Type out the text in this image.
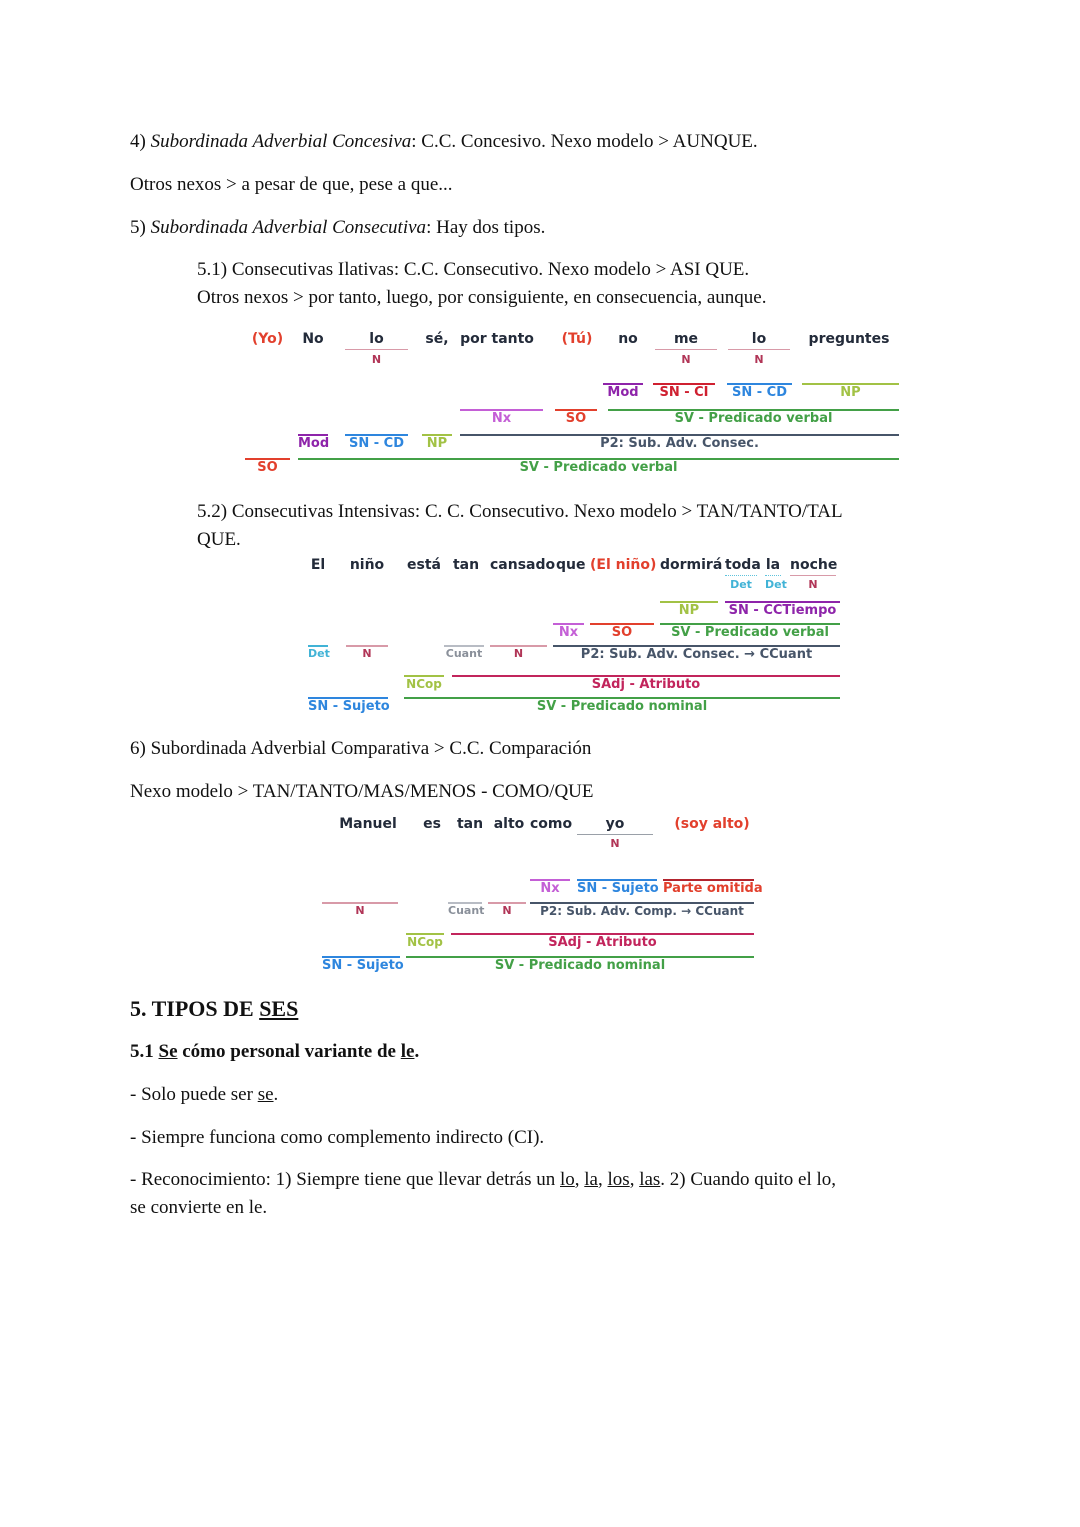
4) Subordinada Adverbial Concesiva: C.C. Concesivo. Nexo modelo > AUNQUE.
Otros nexos > a pesar de que, pese a que...
5) Subordinada Adverbial Consecutiva: Hay dos tipos.
5.1) Consecutivas Ilativas: C.C. Consecutivo. Nexo modelo > ASI QUE.
Otros nexos > por tanto, luego, por consiguiente, en consecuencia, aunque.
5.2) Consecutivas Intensivas: C. C. Consecutivo. Nexo modelo > TAN/TANTO/TAL
QUE.
6) Subordinada Adverbial Comparativa > C.C. Comparación
Nexo modelo > TAN/TANTO/MAS/MENOS - COMO/QUE
5. TIPOS DE SES
5.1 Se cómo personal variante de le.
- Solo puede ser se.
- Siempre funciona como complemento indirecto (CI).
- Reconocimiento: 1) Siempre tiene que llevar detrás un lo, la, los, las. 2) Cuando quito el lo,
se convierte en le.
(Yo)	No	lo	sé, por tanto	(Tú)	no	me	lo	preguntes
N	N	N
Mod	SN - CI	SN - CD	NP
Nx	SO	SV - Predicado verbal
Mod	SN - CD	NP	P2: Sub. Adv. Consec.
SO	SV - Predicado verbal
El niño está tan cansado que (El niño) dormirá toda la noche
Det	Det	N
NP	SN - CCTiempo
Nx	SO	SV - Predicado verbal
Det	N	Cuant	N	P2: Sub. Adv. Consec. → CCuant
NCop	SAdj - Atributo
SN - Sujeto	SV - Predicado nominal
Manuel	es tan alto como	yo	(soy alto)
N
Nx	SN - Sujeto Parte omitida
N	Cuant	N	P2: Sub. Adv. Comp. → CCuant
NCop	SAdj - Atributo
SN - Sujeto	SV - Predicado nominal
